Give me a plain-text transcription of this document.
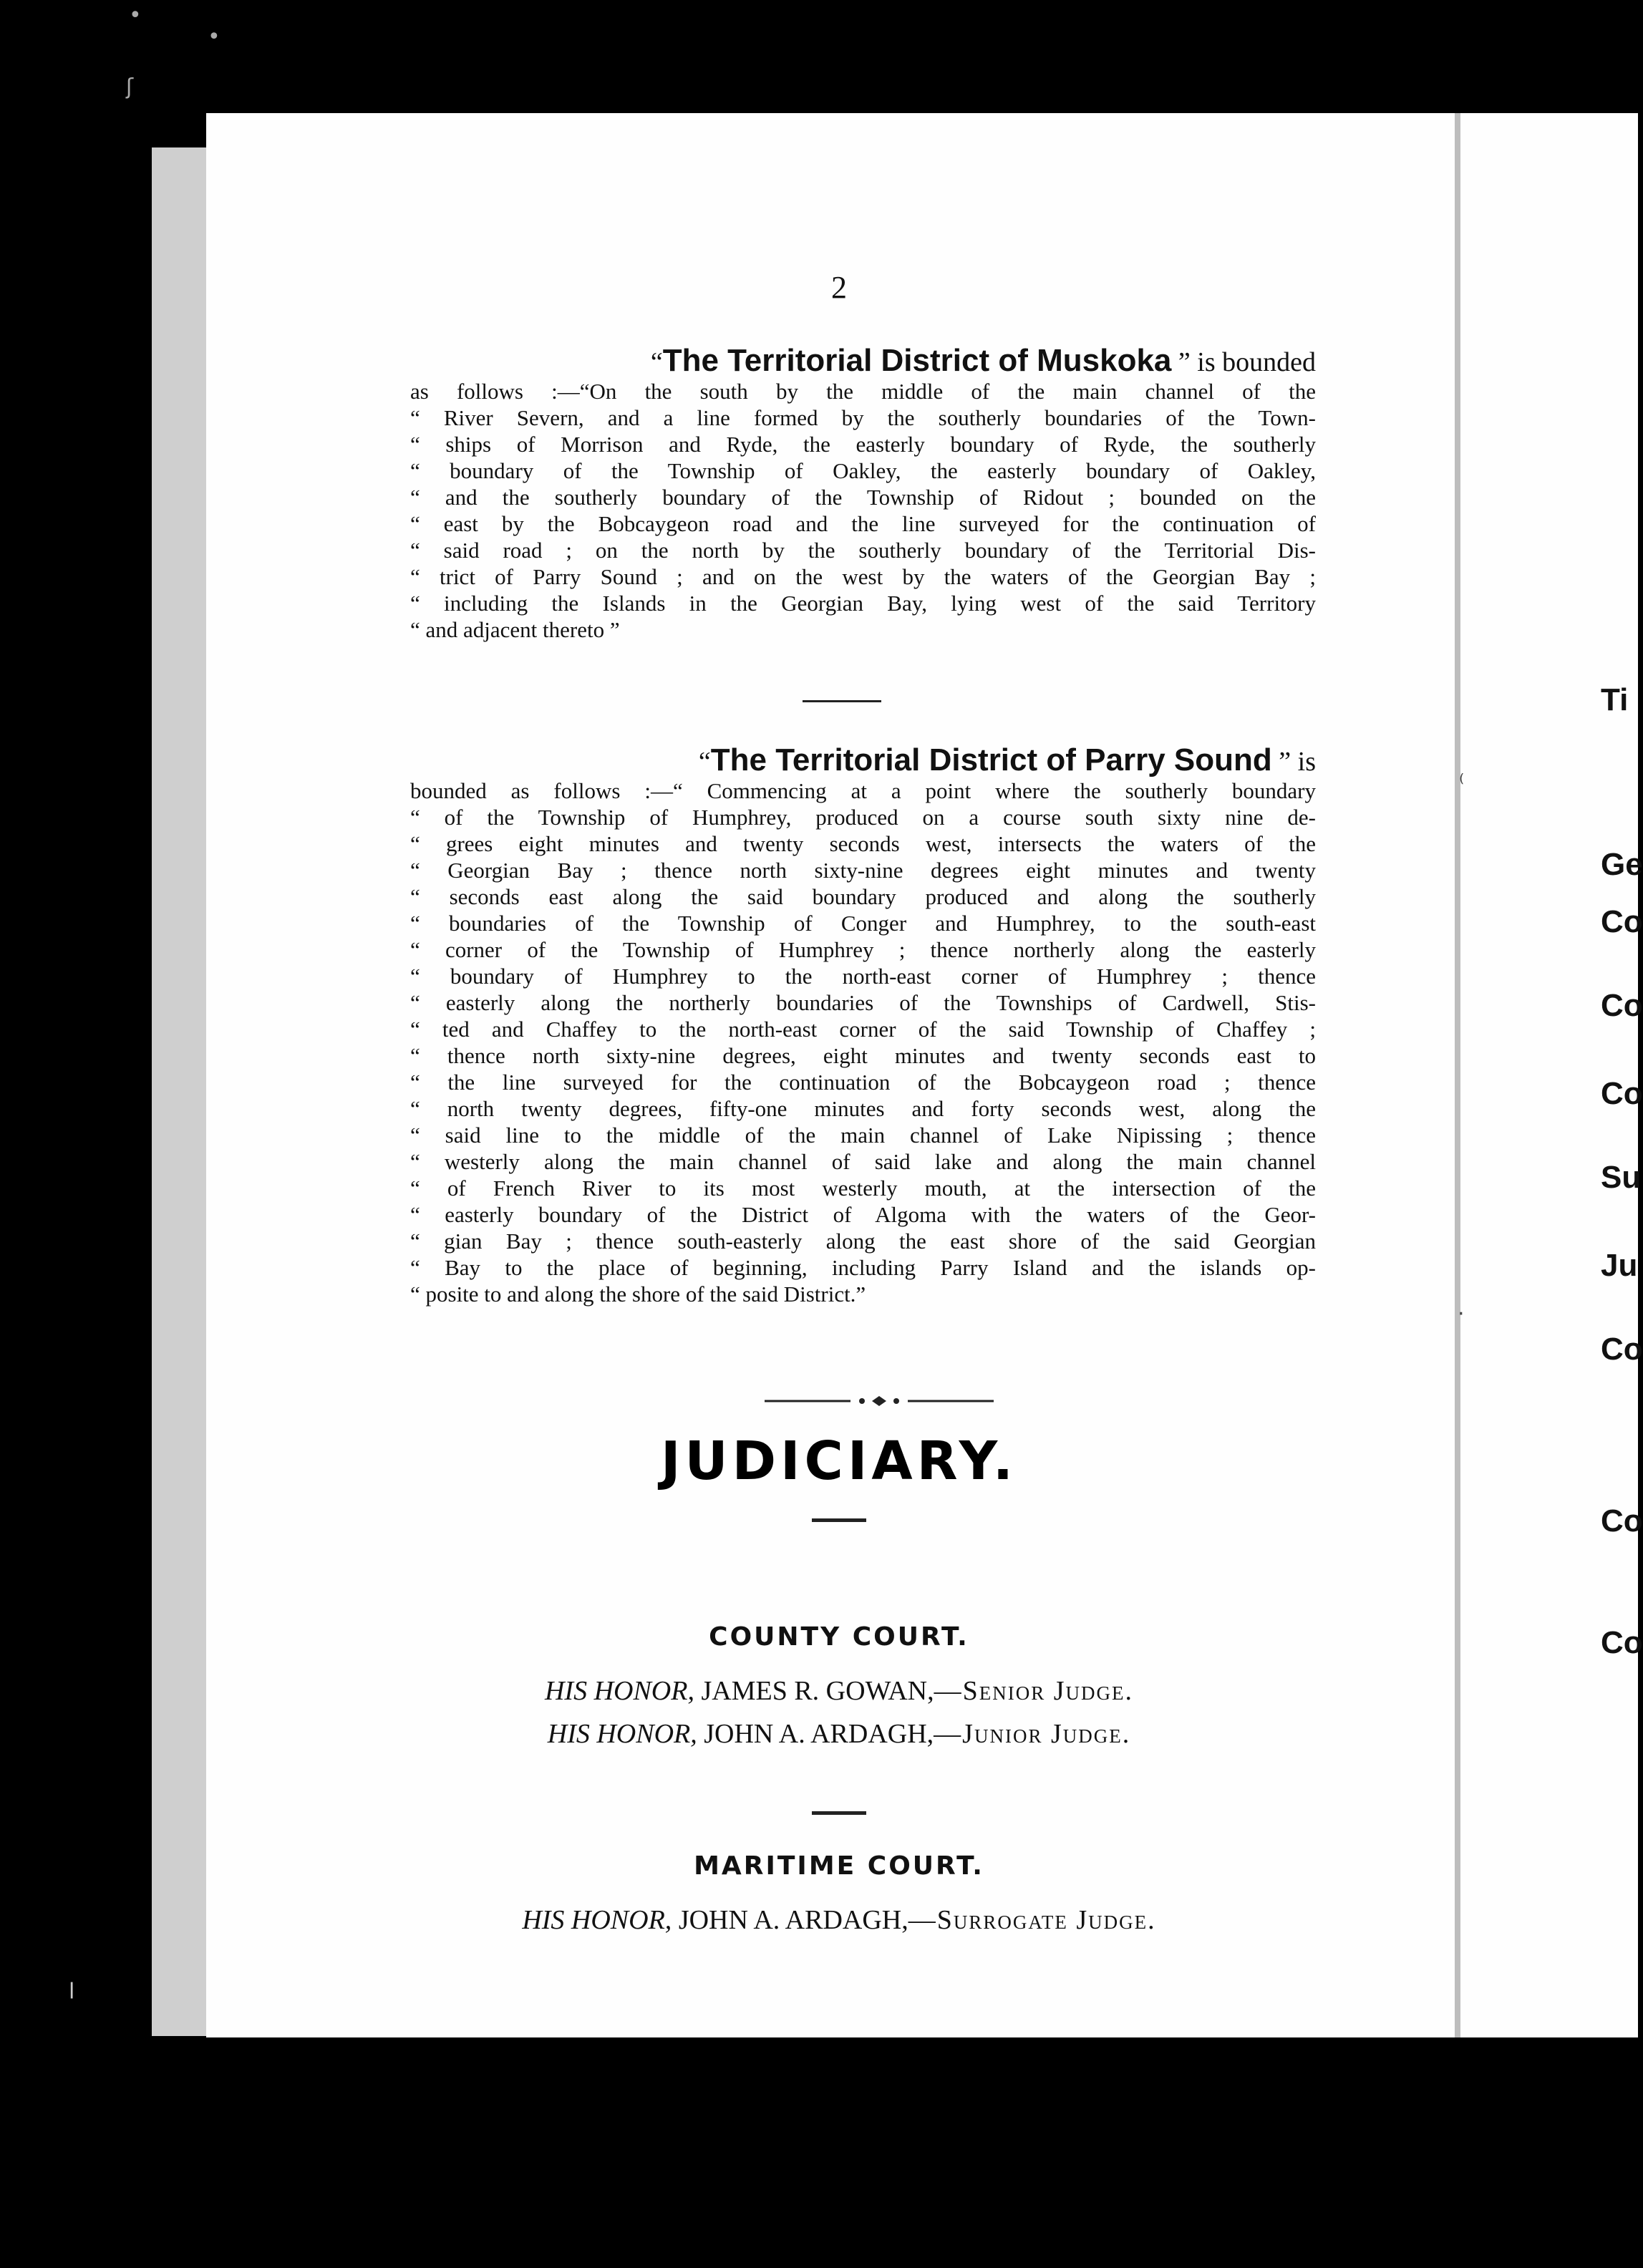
•
•
ʃ
ꞁ
2
“The Territorial District of Muskoka ” is bounded
as follows :—“On the south by the middle of the main channel of the
“ River Severn, and a line formed by the southerly boundaries of the Town-
“ ships of Morrison and Ryde, the easterly boundary of Ryde, the southerly
“ boundary of the Township of Oakley, the easterly boundary of Oakley,
“ and the southerly boundary of the Township of Ridout ; bounded on the
“ east by the Bobcaygeon road and the line surveyed for the continuation of
“ said road ; on the north by the southerly boundary of the Territorial Dis-
“ trict of Parry Sound ; and on the west by the waters of the Georgian Bay ;
“ including the Islands in the Georgian Bay, lying west of the said Territory
“ and adjacent thereto ”
“The Territorial District of Parry Sound ” is
bounded as follows :—“ Commencing at a point where the southerly boundary
“ of the Township of Humphrey, produced on a course south sixty nine de-
“ grees eight minutes and twenty seconds west, intersects the waters of the
“ Georgian Bay ; thence north sixty-nine degrees eight minutes and twenty
“ seconds east along the said boundary produced and along the southerly
“ boundaries of the Township of Conger and Humphrey, to the south-east
“ corner of the Township of Humphrey ; thence northerly along the easterly
“ boundary of Humphrey to the north-east corner of Humphrey ; thence
“ easterly along the northerly boundaries of the Townships of Cardwell, Stis-
“ ted and Chaffey to the north-east corner of the said Township of Chaffey ;
“ thence north sixty-nine degrees, eight minutes and twenty seconds east to
“ the line surveyed for the continuation of the Bobcaygeon road ; thence
“ north twenty degrees, fifty-one minutes and forty seconds west, along the
“ said line to the middle of the main channel of Lake Nipissing ; thence
“ westerly along the main channel of said lake and along the main channel
“ of French River to its most westerly mouth, at the intersection of the
“ easterly boundary of the District of Algoma with the waters of the Geor-
“ gian Bay ; thence south-easterly along the east shore of the said Georgian
“ Bay to the place of beginning, including Parry Island and the islands op-
“ posite to and along the shore of the said District.”
JUDICIARY.
COUNTY COURT.
HIS HONOR, JAMES R. GOWAN,—Senior Judge.
HIS HONOR, JOHN A. ARDAGH,—Junior Judge.
MARITIME COURT.
HIS HONOR, JOHN A. ARDAGH,—Surrogate Judge.
Ti
Ge
Co
Co
Co
Su
Ju
Co
Co
Co
⁽
·
